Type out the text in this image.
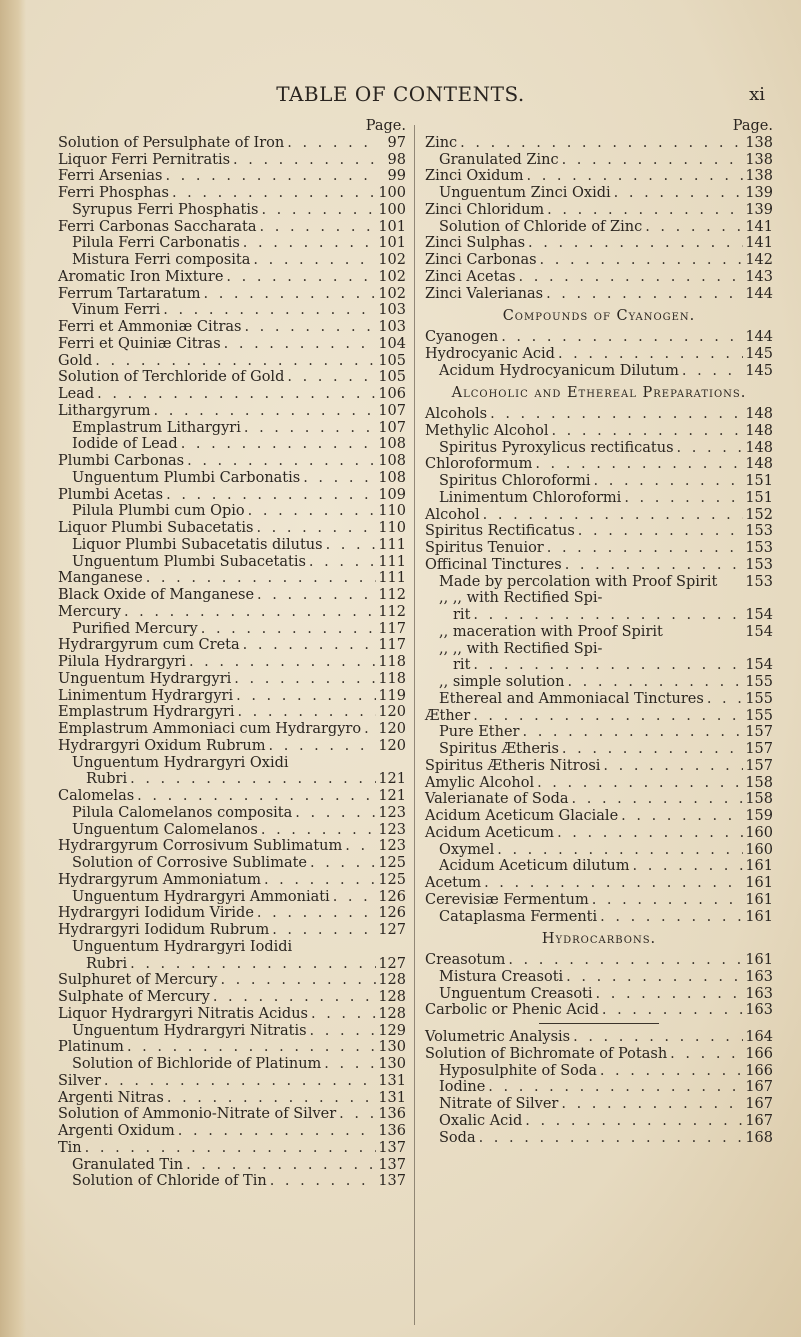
TABLE OF CONTENTS.	xi
Page.
Solution of Persulphate of Iron . . .	97
Liquor Ferri Pernitratis . . .	98
Ferri Arsenias . . .	99
Ferri Phosphas . . .	100
Syrupus Ferri Phosphatis . . .	100
Ferri Carbonas Saccharata . . .	101
Pilula Ferri Carbonatis . . .	101
Mistura Ferri composita . . .	102
Aromatic Iron Mixture . . .	102
Ferrum Tartaratum . . .	102
Vinum Ferri . . .	103
Ferri et Ammoniæ Citras . . .	103
Ferri et Quiniæ Citras . . .	104
Gold . . .	105
Solution of Terchloride of Gold . . .	105
Lead . . .	106
Lithargyrum . . .	107
Emplastrum Lithargyri . . .	107
Iodide of Lead . . .	108
Plumbi Carbonas . . .	108
Unguentum Plumbi Carbonatis . . .	108
Plumbi Acetas . . .	109
Pilula Plumbi cum Opio . . .	110
Liquor Plumbi Subacetatis . . .	110
Liquor Plumbi Subacetatis dilutus . . .	111
Unguentum Plumbi Subacetatis . . .	111
Manganese . . .	111
Black Oxide of Manganese . . .	112
Mercury . . .	112
Purified Mercury . . .	117
Hydrargyrum cum Creta . . .	117
Pilula Hydrargyri . . .	118
Unguentum Hydrargyri . . .	118
Linimentum Hydrargyri . . .	119
Emplastrum Hydrargyri . . .	120
Emplastrum Ammoniaci cum Hydrargyro . . . 120
Hydrargyri Oxidum Rubrum . . .	120
Unguentum Hydrargyri Oxidi
Rubri . . .	121
Calomelas . . .	121
Pilula Calomelanos composita . . .	123
Unguentum Calomelanos . . .	123
Hydrargyrum Corrosivum Sublimatum . . . 123
Solution of Corrosive Sublimate . . .	125
Hydrargyrum Ammoniatum . . .	125
Unguentum Hydrargyri Ammoniati . . .	126
Hydrargyri Iodidum Viride . . .	126
Hydrargyri Iodidum Rubrum . . .	127
Unguentum Hydrargyri Iodidi
Rubri . . .	127
Sulphuret of Mercury . . .	128
Sulphate of Mercury . . .	128
Liquor Hydrargyri Nitratis Acidus . . .	128
Unguentum Hydrargyri Nitratis . . .	129
Platinum . . .	130
Solution of Bichloride of Platinum . . .	130
Silver . . .	131
Argenti Nitras . . .	131
Solution of Ammonio-Nitrate of Silver . . .	136
Argenti Oxidum . . .	136
Tin . . .	137
Granulated Tin . . .	137
Solution of Chloride of Tin . . .	137
Page.
Zinc . . .	138
Granulated Zinc . . .	138
Zinci Oxidum . . .	138
Unguentum Zinci Oxidi . . .	139
Zinci Chloridum . . .	139
Solution of Chloride of Zinc . . .	141
Zinci Sulphas . . .	141
Zinci Carbonas . . .	142
Zinci Acetas . . .	143
Zinci Valerianas . . .	144
Compounds of Cyanogen.
Cyanogen . . .	144
Hydrocyanic Acid . . .	145
Acidum Hydrocyanicum Dilutum . . .	145
Alcoholic and Ethereal Preparations.
Alcohols . . .	148
Methylic Alcohol . . .	148
Spiritus Pyroxylicus rectificatus . . .	148
Chloroformum . . .	148
Spiritus Chloroformi . . .	151
Linimentum Chloroformi . . .	151
Alcohol . . .	152
Spiritus Rectificatus . . .	153
Spiritus Tenuior . . .	153
Officinal Tinctures . . .	153
Made by percolation with Proof Spirit 153
,, ,, with Rectified Spi-
rit . . .	154
,, maceration with Proof Spirit	154
,, ,, with Rectified Spi-
rit . . .	154
,, simple solution . . .	155
Ethereal and Ammoniacal Tinctures . . .	155
Æther . . .	155
Pure Ether . . .	157
Spiritus Ætheris . . .	157
Spiritus Ætheris Nitrosi . . .	157
Amylic Alcohol . . .	158
Valerianate of Soda . . .	158
Acidum Aceticum Glaciale . . .	159
Acidum Aceticum . . .	160
Oxymel . . .	160
Acidum Aceticum dilutum . . .	161
Acetum . . .	161
Cerevisiæ Fermentum . . .	161
Cataplasma Fermenti . . .	161
Hydrocarbons.
Creasotum . . .	161
Mistura Creasoti . . .	163
Unguentum Creasoti . . .	163
Carbolic or Phenic Acid . . .	163
Volumetric Analysis . . .	164
Solution of Bichromate of Potash . . .	166
Hyposulphite of Soda . . .	166
Iodine . . .	167
Nitrate of Silver . . .	167
Oxalic Acid . . .	167
Soda . . .	168
